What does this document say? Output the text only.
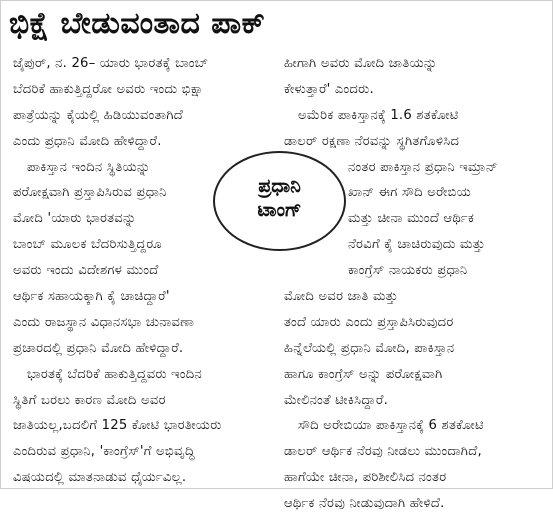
ಭಿಕ್ಷೆ ಬೇಡುವಂತಾದ ಪಾಕ್
ಜೈಪುರ್, ನ. 26– ಯಾರು ಭಾರತಕ್ಕೆ ಬಾಂಬ್
ಬೆದರಿಕೆ ಹಾಕುತ್ತಿದ್ದರೋ ಅವರು ಇಂದು ಭಿಕ್ಷಾ
ಪಾತ್ರೆಯನ್ನು ಕೈಯಲ್ಲಿ ಹಿಡಿಯುವಂತಾಗಿದೆ
ಎಂದು ಪ್ರಧಾನಿ ಮೋದಿ ಹೇಳಿದ್ದಾರೆ.
ಪಾಕಿಸ್ತಾನ ಇಂದಿನ ಸ್ಥಿತಿಯನ್ನು
ಪರೋಕ್ಷವಾಗಿ ಪ್ರಸ್ತಾಪಿಸಿರುವ ಪ್ರಧಾನಿ
ಮೋದಿ 'ಯಾರು ಭಾರತವನ್ನು
ಬಾಂಬ್ ಮೂಲಕ ಬೆದರಿಸುತ್ತಿದ್ದರೂ
ಅವರು ಇಂದು ವಿದೇಶಗಳ ಮುಂದೆ
ಆರ್ಥಿಕ ಸಹಾಯಕ್ಕಾಗಿ ಕೈ ಚಾಚಿದ್ದಾರೆ'
ಎಂದು ರಾಜಸ್ಥಾನ ವಿಧಾನಸಭಾ ಚುನಾವಣಾ
ಪ್ರಚಾರದಲ್ಲಿ ಪ್ರಧಾನಿ ಮೋದಿ ಹೇಳಿದ್ದಾರೆ.
ಭಾರತಕ್ಕೆ ಬೆದರಿಕೆ ಹಾಕುತ್ತಿದ್ದವರು ಇಂದಿನ
ಸ್ಥಿತಿಗೆ ಬರಲು ಕಾರಣ ಮೋದಿ ಅವರ
ಜಾತಿಯಲ್ಲ,ಬದಲಿಗೆ 125 ಕೋಟಿ ಭಾರತೀಯರು
ಎಂದಿರುವ ಪ್ರಧಾನಿ, 'ಕಾಂಗ್ರೆಸ್'ಗೆ ಅಭಿವೃದ್ಧಿ
ವಿಷಯದಲ್ಲಿ ಮಾತನಾಡುವ ಧೈರ್ಯವಿಲ್ಲ.
ಹೀಗಾಗಿ ಅವರು ಮೋದಿ ಜಾತಿಯನ್ನು
ಕೇಳುತ್ತಾರೆ' ಎಂದರು.
ಅಮೆರಿಕ ಪಾಕಿಸ್ತಾನಕ್ಕೆ 1.6 ಶತಕೋಟಿ
ಡಾಲರ್ ರಕ್ಷಣಾ ನೆರವನ್ನು ಸ್ಥಗಿತಗೊಳಿಸಿದ
ನಂತರ ಪಾಕಿಸ್ತಾನ ಪ್ರಧಾನಿ ಇಮ್ರಾನ್
ಖಾನ್ ಈಗ ಸೌದಿ ಅರೇಬಿಯ
ಮತ್ತು ಚೀನಾ ಮುಂದೆ ಆರ್ಥಿಕ
ನೆರವಿಗೆ ಕೈ ಚಾಚಿರುವುದು ಮತ್ತು
ಕಾಂಗ್ರೆಸ್ ನಾಯಕರು ಪ್ರಧಾನಿ
ಮೋದಿ ಅವರ ಜಾತಿ ಮತ್ತು
ತಂದೆ ಯಾರು ಎಂದು ಪ್ರಸ್ತಾಪಿಸಿರುವುದರ
ಹಿನ್ನೆಲೆಯಲ್ಲಿ ಪ್ರಧಾನಿ ಮೋದಿ, ಪಾಕಿಸ್ತಾನ
ಹಾಗೂ ಕಾಂಗ್ರೆಸ್ ಅನ್ನು ಪರೋಕ್ಷವಾಗಿ
ಮೇಲಿನಂತೆ ಟೀಕಿಸಿದ್ದಾರೆ.
ಸೌದಿ ಅರೇಬಿಯಾ ಪಾಕಿಸ್ತಾನಕ್ಕೆ 6 ಶತಕೋಟಿ
ಡಾಲರ್ ಆರ್ಥಿಕ ನೆರವು ನೀಡಲು ಮುಂದಾಗಿದೆ,
ಹಾಗೆಯೇ ಚೀನಾ, ಪರಿಶೀಲಿಸಿದ ನಂತರ
ಆರ್ಥಿಕ ನೆರವು ನೀಡುವುದಾಗಿ ಹೇಳಿದೆ.
ಪ್ರಧಾನಿ
ಟಾಂಗ್
